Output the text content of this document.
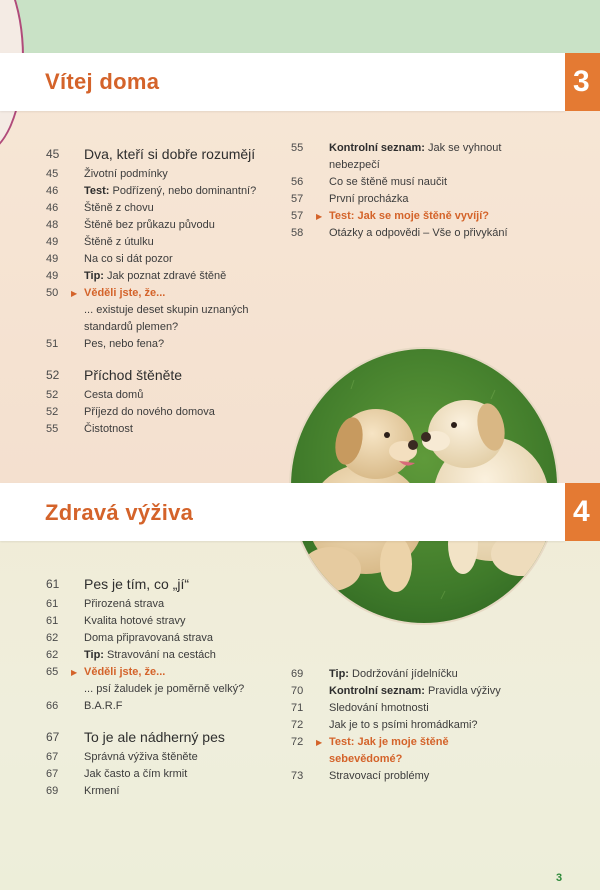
Vítej doma	3
45	Dva, kteří si dobře rozumějí
45	Životní podmínky
46	Test: Podřízený, nebo dominantní?
46	Štěně z chovu
48	Štěně bez průkazu původu
49	Štěně z útulku
49	Na co si dát pozor
49	Tip: Jak poznat zdravé štěně
50	▶ Věděli jste, že...
... existuje deset skupin uznaných
standardů plemen?
51	Pes, nebo fena?
52	Příchod štěněte
52	Cesta domů
52	Příjezd do nového domova
55	Čistotnost
55	Kontrolní seznam: Jak se vyhnout
nebezpečí
56	Co se štěně musí naučit
57	První procházka
57	▶ Test: Jak se moje štěně vyvíjí?
58	Otázky a odpovědi – Vše o přivykání
Zdravá výživa	4
61	Pes je tím, co „jí“
61	Přirozená strava
61	Kvalita hotové stravy
62	Doma připravovaná strava
62	Tip: Stravování na cestách
65	▶ Věděli jste, že...
... psí žaludek je poměrně velký?
66	B.A.R.F
67	To je ale nádherný pes
67	Správná výživa štěněte
67	Jak často a čím krmit
69	Krmení
69	Tip: Dodržování jídelníčku
70	Kontrolní seznam: Pravidla výživy
71	Sledování hmotnosti
72	Jak je to s psími hromádkami?
72	▶ Test: Jak je moje štěně
sebevědomé?
73	Stravovací problémy
3
